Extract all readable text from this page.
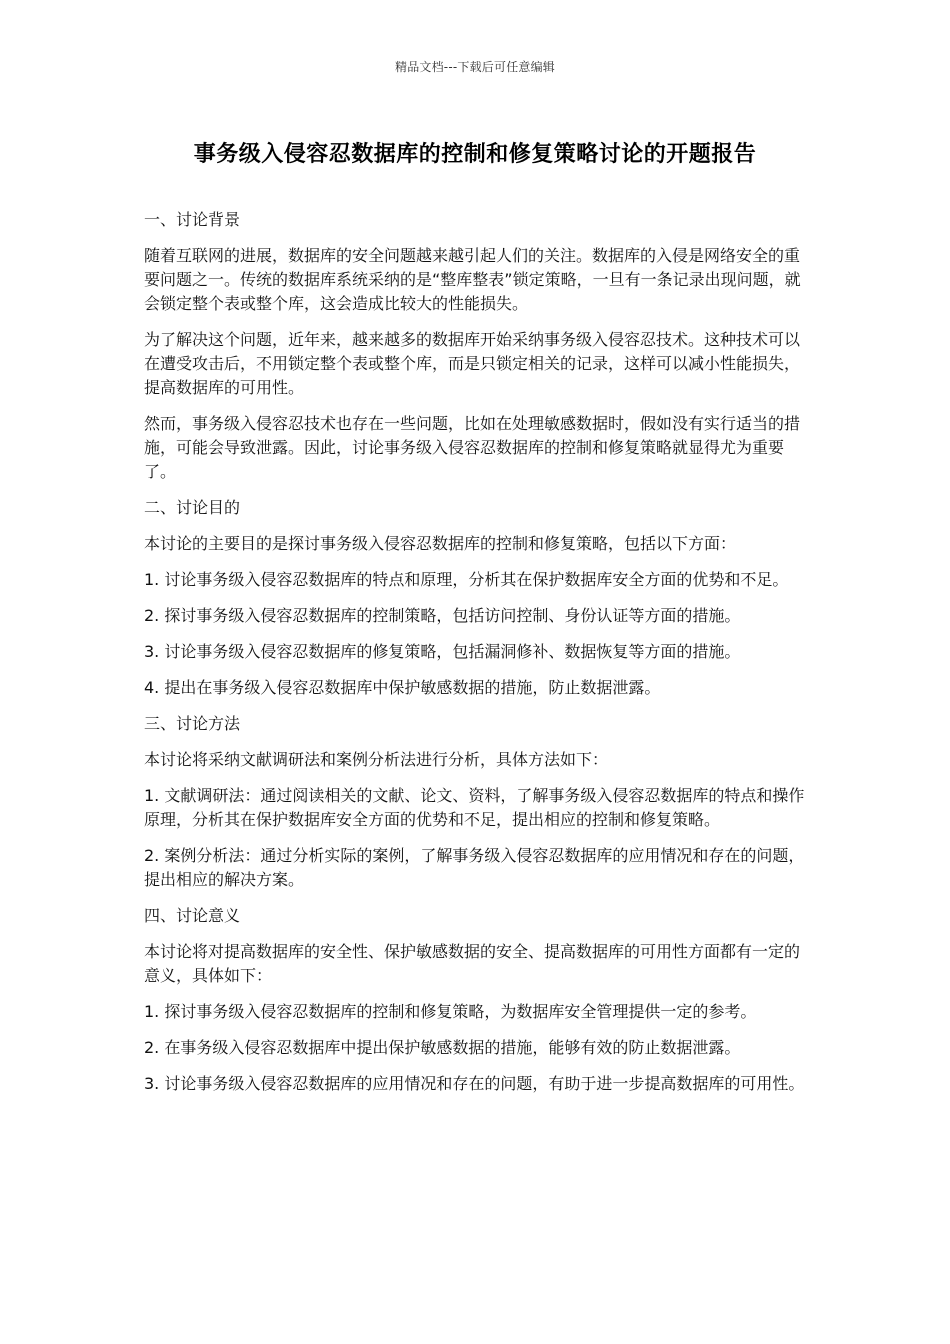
精品文档---下载后可任意编辑
事务级入侵容忍数据库的控制和修复策略讨论的开题报告

一、讨论背景

随着互联网的进展，数据库的安全问题越来越引起人们的关注。数据库的入侵是网络安全的重要问题之一。传统的数据库系统采纳的是“整库整表”锁定策略，一旦有一条记录出现问题，就会锁定整个表或整个库，这会造成比较大的性能损失。

为了解决这个问题，近年来，越来越多的数据库开始采纳事务级入侵容忍技术。这种技术可以在遭受攻击后，不用锁定整个表或整个库，而是只锁定相关的记录，这样可以减小性能损失，提高数据库的可用性。

然而，事务级入侵容忍技术也存在一些问题，比如在处理敏感数据时，假如没有实行适当的措施，可能会导致泄露。因此，讨论事务级入侵容忍数据库的控制和修复策略就显得尤为重要了。

二、讨论目的

本讨论的主要目的是探讨事务级入侵容忍数据库的控制和修复策略，包括以下方面：

1. 讨论事务级入侵容忍数据库的特点和原理，分析其在保护数据库安全方面的优势和不足。

2. 探讨事务级入侵容忍数据库的控制策略，包括访问控制、身份认证等方面的措施。

3. 讨论事务级入侵容忍数据库的修复策略，包括漏洞修补、数据恢复等方面的措施。

4. 提出在事务级入侵容忍数据库中保护敏感数据的措施，防止数据泄露。

三、讨论方法

本讨论将采纳文献调研法和案例分析法进行分析，具体方法如下：

1. 文献调研法：通过阅读相关的文献、论文、资料，了解事务级入侵容忍数据库的特点和操作原理，分析其在保护数据库安全方面的优势和不足，提出相应的控制和修复策略。

2. 案例分析法：通过分析实际的案例，了解事务级入侵容忍数据库的应用情况和存在的问题，提出相应的解决方案。

四、讨论意义

本讨论将对提高数据库的安全性、保护敏感数据的安全、提高数据库的可用性方面都有一定的意义，具体如下：

1. 探讨事务级入侵容忍数据库的控制和修复策略，为数据库安全管理提供一定的参考。

2. 在事务级入侵容忍数据库中提出保护敏感数据的措施，能够有效的防止数据泄露。

3. 讨论事务级入侵容忍数据库的应用情况和存在的问题，有助于进一步提高数据库的可用性。
